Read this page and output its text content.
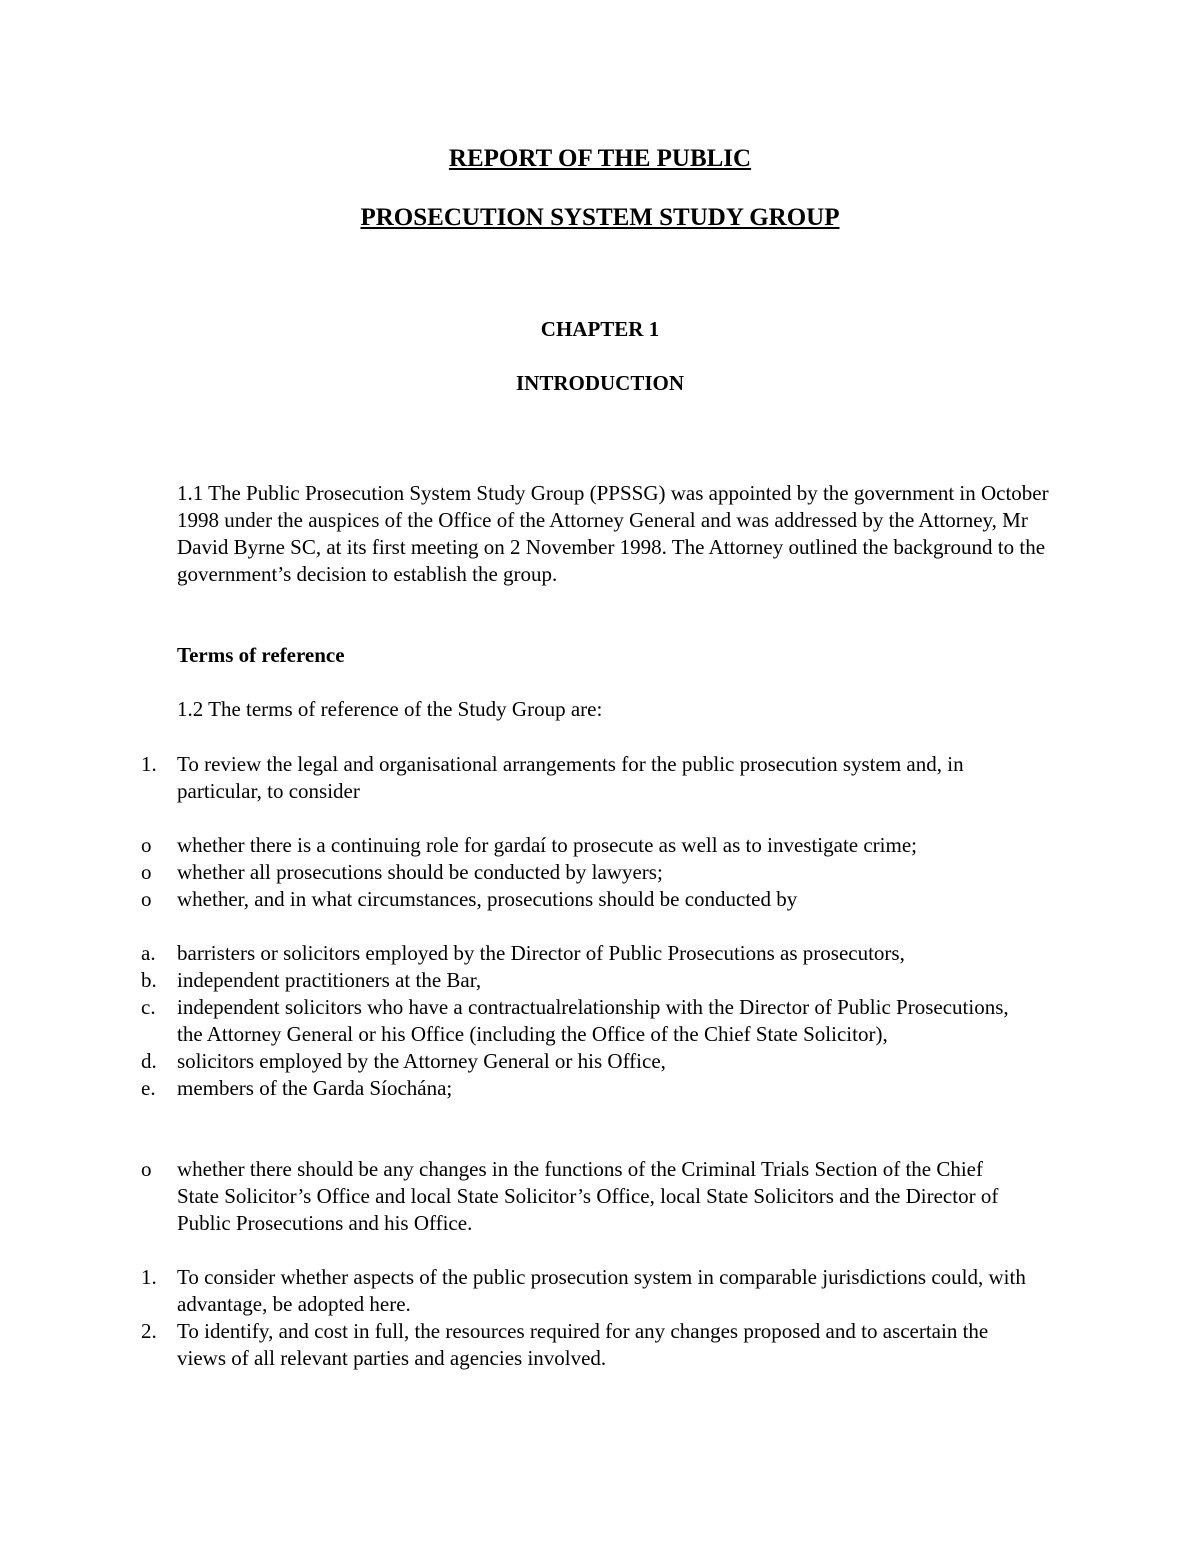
REPORT OF THE PUBLIC
PROSECUTION SYSTEM STUDY GROUP
CHAPTER 1
INTRODUCTION

1.1 The Public Prosecution System Study Group (PPSSG) was appointed by the government in October 1998 under the auspices of the Office of the Attorney General and was addressed by the Attorney, Mr David Byrne SC, at its first meeting on 2 November 1998. The Attorney outlined the background to the government’s decision to establish the group.

Terms of reference
1.2 The terms of reference of the Study Group are:
1. To review the legal and organisational arrangements for the public prosecution system and, in particular, to consider
o whether there is a continuing role for gardaí to prosecute as well as to investigate crime;
o whether all prosecutions should be conducted by lawyers;
o whether, and in what circumstances, prosecutions should be conducted by
a. barristers or solicitors employed by the Director of Public Prosecutions as prosecutors,
b. independent practitioners at the Bar,
c. independent solicitors who have a contractualrelationship with the Director of Public Prosecutions, the Attorney General or his Office (including the Office of the Chief State Solicitor),
d. solicitors employed by the Attorney General or his Office,
e. members of the Garda Síochána;
o whether there should be any changes in the functions of the Criminal Trials Section of the Chief State Solicitor’s Office and local State Solicitor’s Office, local State Solicitors and the Director of Public Prosecutions and his Office.
1. To consider whether aspects of the public prosecution system in comparable jurisdictions could, with advantage, be adopted here.
2. To identify, and cost in full, the resources required for any changes proposed and to ascertain the views of all relevant parties and agencies involved.
